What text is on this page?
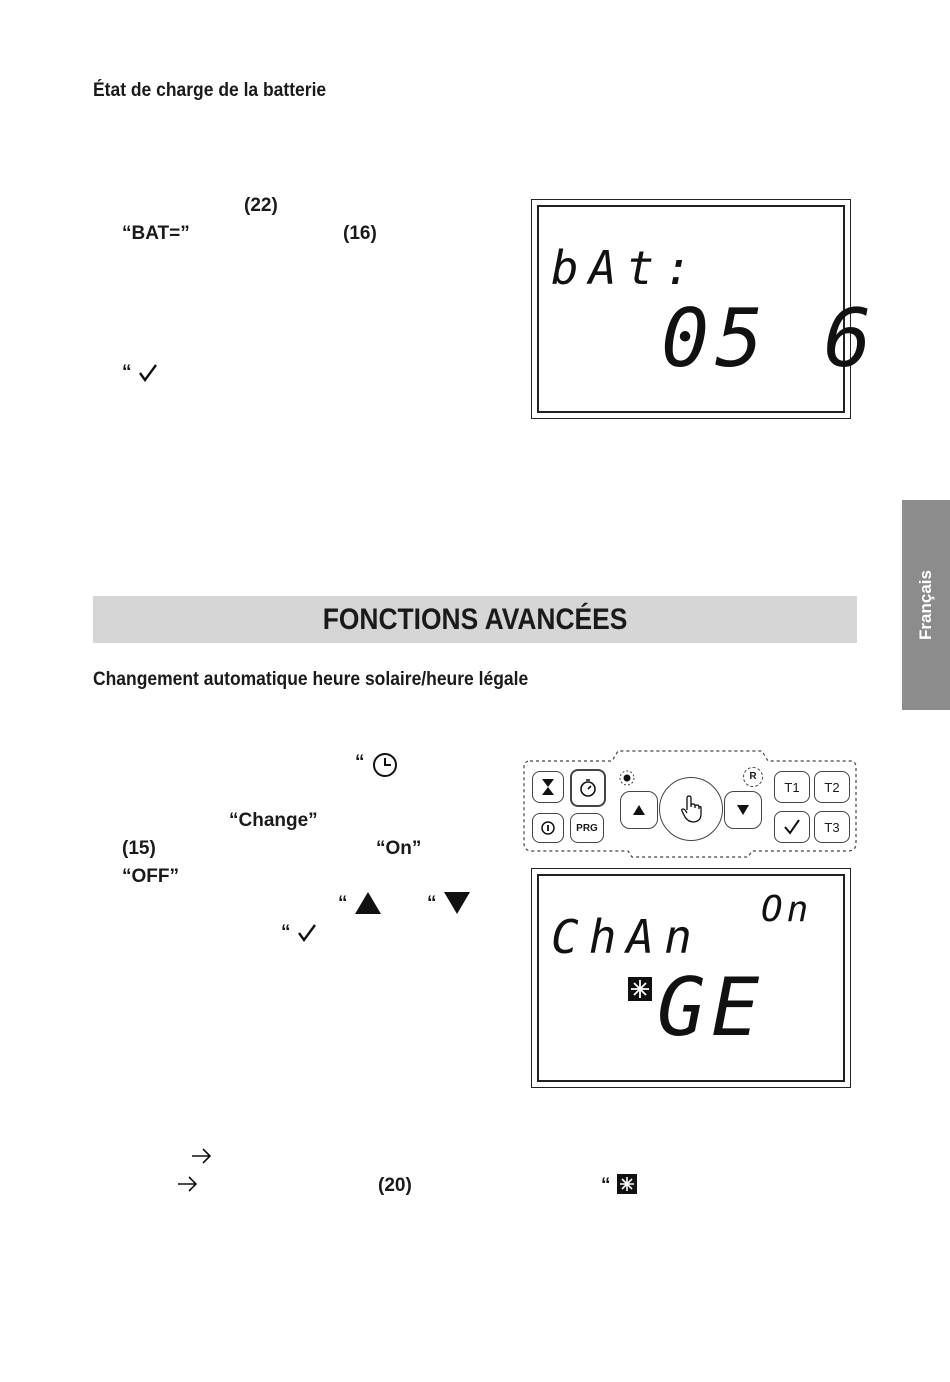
État de charge de la batterie
(22)
“BAT=”	(16)
“
bAt:
05 6
FONCTIONS AVANCÉES	Français
Changement automatique heure solaire/heure légale
“
“Change”
(15)	“On”
“OFF”
“	“
“
(20)	“
PRG
R
T1	T2
T3
On
ChAn
GE
